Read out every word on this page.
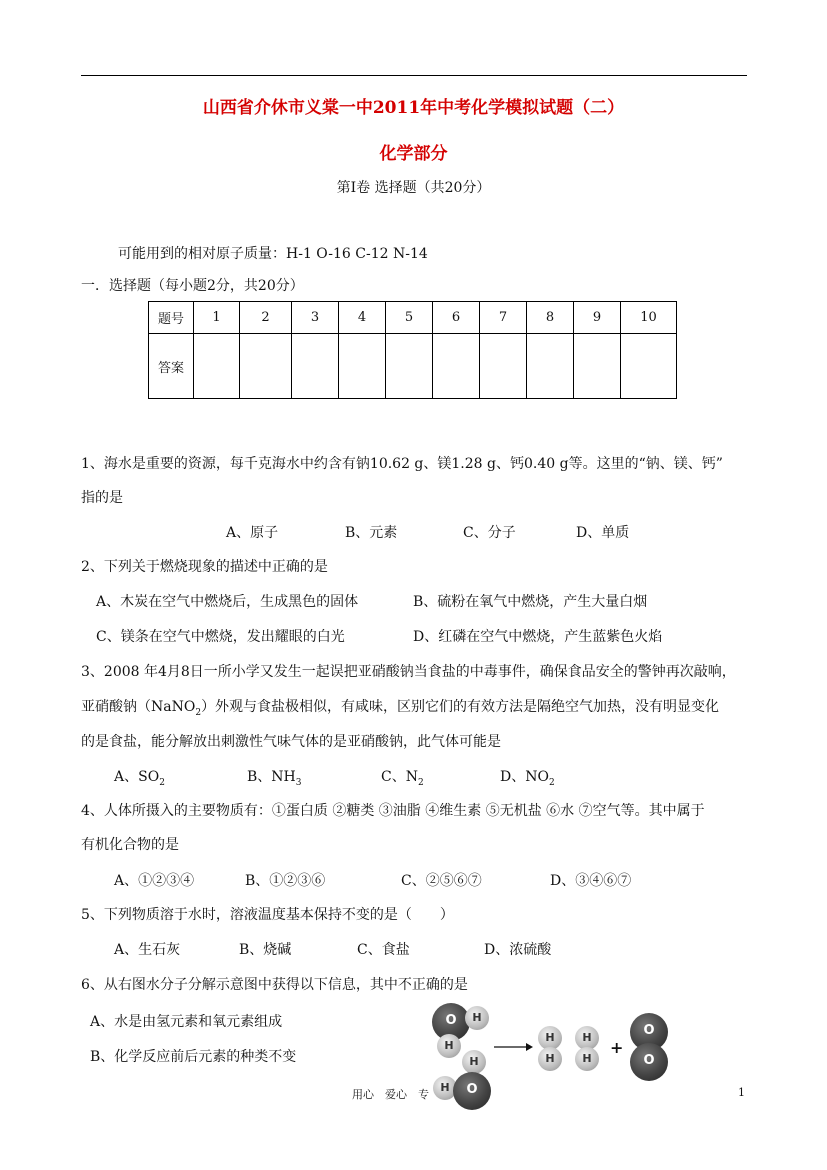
山西省介休市义棠一中2011年中考化学模拟试题（二）
化学部分
第Ⅰ卷 选择题（共20分）
可能用到的相对原子质量：H-1 O-16 C-12 N-14
一．选择题（每小题2分，共20分）
题号	1	2	3	4	5	6	7	8	9	10
答案										
1、海水是重要的资源，每千克海水中约含有钠10.62 g、镁1.28 g、钙0.40 g等。这里的“钠、镁、钙”
指的是
A、原子	B、元素	C、分子	D、单质
2、下列关于燃烧现象的描述中正确的是
A、木炭在空气中燃烧后，生成黑色的固体	B、硫粉在氧气中燃烧，产生大量白烟
C、镁条在空气中燃烧，发出耀眼的白光	D、红磷在空气中燃烧，产生蓝紫色火焰
3、2008 年4月8日一所小学又发生一起误把亚硝酸钠当食盐的中毒事件，确保食品安全的警钟再次敲响，
亚硝酸钠（NaNO$_2$）外观与食盐极相似，有咸味，区别它们的有效方法是隔绝空气加热，没有明显变化
的是食盐，能分解放出刺激性气味气体的是亚硝酸钠，此气体可能是
A、$SO_2$	B、$NH_3$	C、$N_2$	D、$NO_2$
4、人体所摄入的主要物质有：①蛋白质 ②糖类 ③油脂 ④维生素 ⑤无机盐 ⑥水 ⑦空气等。其中属于
有机化合物的是
A、①②③④	B、①②③⑥	C、②⑤⑥⑦	D、③④⑥⑦
5、下列物质溶于水时，溶液温度基本保持不变的是（　　）
A、生石灰	B、烧碱	C、食盐	D、浓硫酸
6、从右图水分子分解示意图中获得以下信息，其中不正确的是
A、水是由氢元素和氧元素组成
B、化学反应前后元素的种类不变
O	H
H
H
H	O
H
H
H
H
+
O
O
用心　爱心　专	1
